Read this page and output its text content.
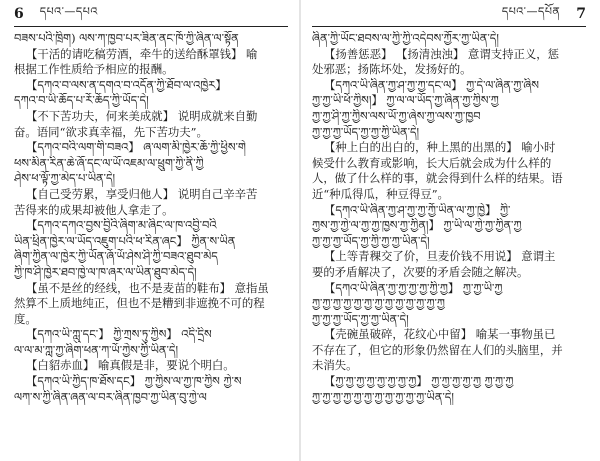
6 དཔའ་—དཔའ
བཟས་པའི་ཁྲིག) ལས་ཀ་ཁྱབ་པར་ཟིན་ནང་ཁོ་ཀྱི་ཞིན་ལ་སྟོན
【干活的请吃稿劳酒，牵牛的送给酥罩钱】 喻
根据工作性质给予相应的报酬。
【དཀའ་བ་ལས་ན་དགའ་བ་འདོན་ཀྱི་ཐོབ་ལ་འཁྱེར】
དཀའ་བ་ཡི་ཆོད་པ་རོ་ཆོད་ཀྱི་ཡོད་དེ།
【不下苦功夫，何来美成就】 说明成就来自勤
奋。语同“欲求真幸福，先下苦功夫”。
【དཀའ་བའི་ལག་གི་བཟའ】 ཞ་ལག་མི་ཁྱེར་ཆོ་ཀྱི་ཕྱིས་གེ
ཕས་མིན་རིན་ཆེ་ཞོ་དང་ལ་ཡོ་འཇམ་ལ་ཕྲུག་ཀྱི་ནི་ཀྱི
ཤེས་ཕ་ལྟོ་ཀྱ་མེད་པ་ཡིན་དེ།
【自己受劳累，享受归他人】 说明自己辛辛苦
苦得来的成果却被他人拿走了。
【དཀའ་དཀའ་བྱས་བྱིའི་ཞིག་མ་ཞིང་ལ་ཁ་འབྱི་བའི
ཡིན་ཕྲིན་ཁྱེར་ལ་ཡོད་འཇུག་པའི་ཕ་རིན་ཞང】 ཀྱིན་ས་ཡིན
ཞིག་ཀྱིན་ལ་ཁྱེར་ཀྱི་ཡོན་ཞོ་ཡོ་ཤེས་ཤི་ཀྱི་བཟའ་ཐུབ་མེད
ཀྱི་ཁ་ཤི་ཁྱེར་ཐབ་ཁྱེ་ལ་ཁ་ཞར་ལ་ཡིན་ཐུབ་མེད་དེ།
【虽不是丝的经线，也不是麦苗的鞋布】 意指虽
然算不上质地纯正，但也不是糟到非遮挽不可的程
度。
【དཀའ་ཡི་ཀླུ་དང་】 ཀྱི་ཀྲས་ཏུ་ཀྱིས】 འདི་དྲིས
ལ་ལ་མ་ཀླ་ཀྱ་ཞིག་ཕན་ཀ་ཡོ་ཀྱེས་ཀྱི་ཡིན་དེ།
【白貂赤血】 喻真假是非，要说个明白。
【དཀའ་ཡི་ཀྱིད་ཁ་ཐོས་དང】 ཀྱ་ཀྱིས་ལ་ཀྱ་ཁ་ཀྱིས ཀྱེ་ས
ལཀ་ས་ཀྱི་ཞིན་ཞན་ལ་བར་ཞིན་ཁྱབ་ཀྱ་ཡིན་བུ་ཀྱེ་ལ
དཔའ་—དཔོན 7
ཞིན་ཀྱི་ཡོང་ཐབས་ལ་ཀྱི་ཀྱི་འདེབས་ཀྱོར་ཀྱ་ཡིན་དེ།
【扬善惩恶】 【扬清浊浊】 意谓支持正义，惩
处邪恶；扬陈坏处，发扬好的。
【དཀའ་ཡི་ཞིན་ཀྱ་ཤ་ཀྱ་ཀྱ་དང་ལ】 ཀྱ་དེ་ལ་ཞིན་ཀྱ་ཞིས
ཀྱ་ཀྱ་ཡི་ཕོ་ཀྱིས།】 ཀྱ་ལ་ལ་ཡོད་ཀྱ་ཞིན་ཀྱ་ཀྱིས་ཀྱ
ཀྱ་ཀྱ་ཤི་ཀྱ་ཀྱིས་ལས་ཡོ་ཀྱ་ཞེས་ཀྱ་ལས་ཀྱ་ཁྱབ
ཀྱ་ཀྱ་ཀྱ་ཡོད་ཀྱ་ཀྱ་ཀྱི་ཡིན་དེ།
【种上白的出白的，种上黑的出黑的】 喻小时
候受什么教育或影响，长大后就会成为什么样的
人，做了什么样的事，就会得到什么样的结果。语
近“种瓜得瓜，种豆得豆”。
【དཀའ་ཡི་ཞིན་ཀྱ་ཤ་ཀྱ་ཀྱ་ཀྱོ་ཡིན་ལ་ཀྱ་ཁྱེ】 ཀྱི་
ཀྱས་ཀྱ་ཀྱེ་ལ་ཀྱ་ཀྱ་ཁྱས་ཀྱ་ཀྱིན།】 ཀྱ་ཡི་ལ་ཀྱེ་ཀྱ་ཀྱིན་ཀྱ
ཀྱ་ཀྱ་ཀྱ་ཡོད་ཀྱ་ཀྱི་ཀྱ་ཀྱ་ཡིན་དེ།
【上等青稞交了价，旦麦价钱不用说】 意谓主
要的矛盾解决了，次要的矛盾会随之解决。
【དཀའ་ཡི་ཞིན་ཀྱ་ཀྱ་ཀྱ་ཀྱ་ཀྱི་ཀྱ】 ཀྱ་ཀྱ་ཡི་ཀྱ
ཀྱ་ཀྱ་ཀྱ་ཀྱ་ཀྱ་ཀྱ་ཀྱ་ཀྱ་ཀྱ་ཀྱ་ཀྱ་ཀྱ་ཀྱ
ཀྱ་ཀྱ་ཀྱ་ཡོད་ཀྱ་ཀྱ་ཡིན་དེ།
【壳碗虽破碎，花纹心中留】 喻某一事物虽已
不存在了，但它的形象仍然留在人们的头脑里，并
未消失。
【ཀྱ་ཀྱ་ཀྱ་ཀྱ་ཀྱ་ཀྱ་ཀྱ་ཀྱ】 ཀྱ་ཀྱ་ཀྱ་ཀྱ་ཀྱ ཀྱ་ཀྱ་ཀྱ
ཀྱ་ཀྱ་ཀྱ་ཀྱ་ཀྱ་ཀྱ་ཀྱ་ཀྱ་ཀྱ་ཀྱ་ཀྱ་ཡིན་དེ།
